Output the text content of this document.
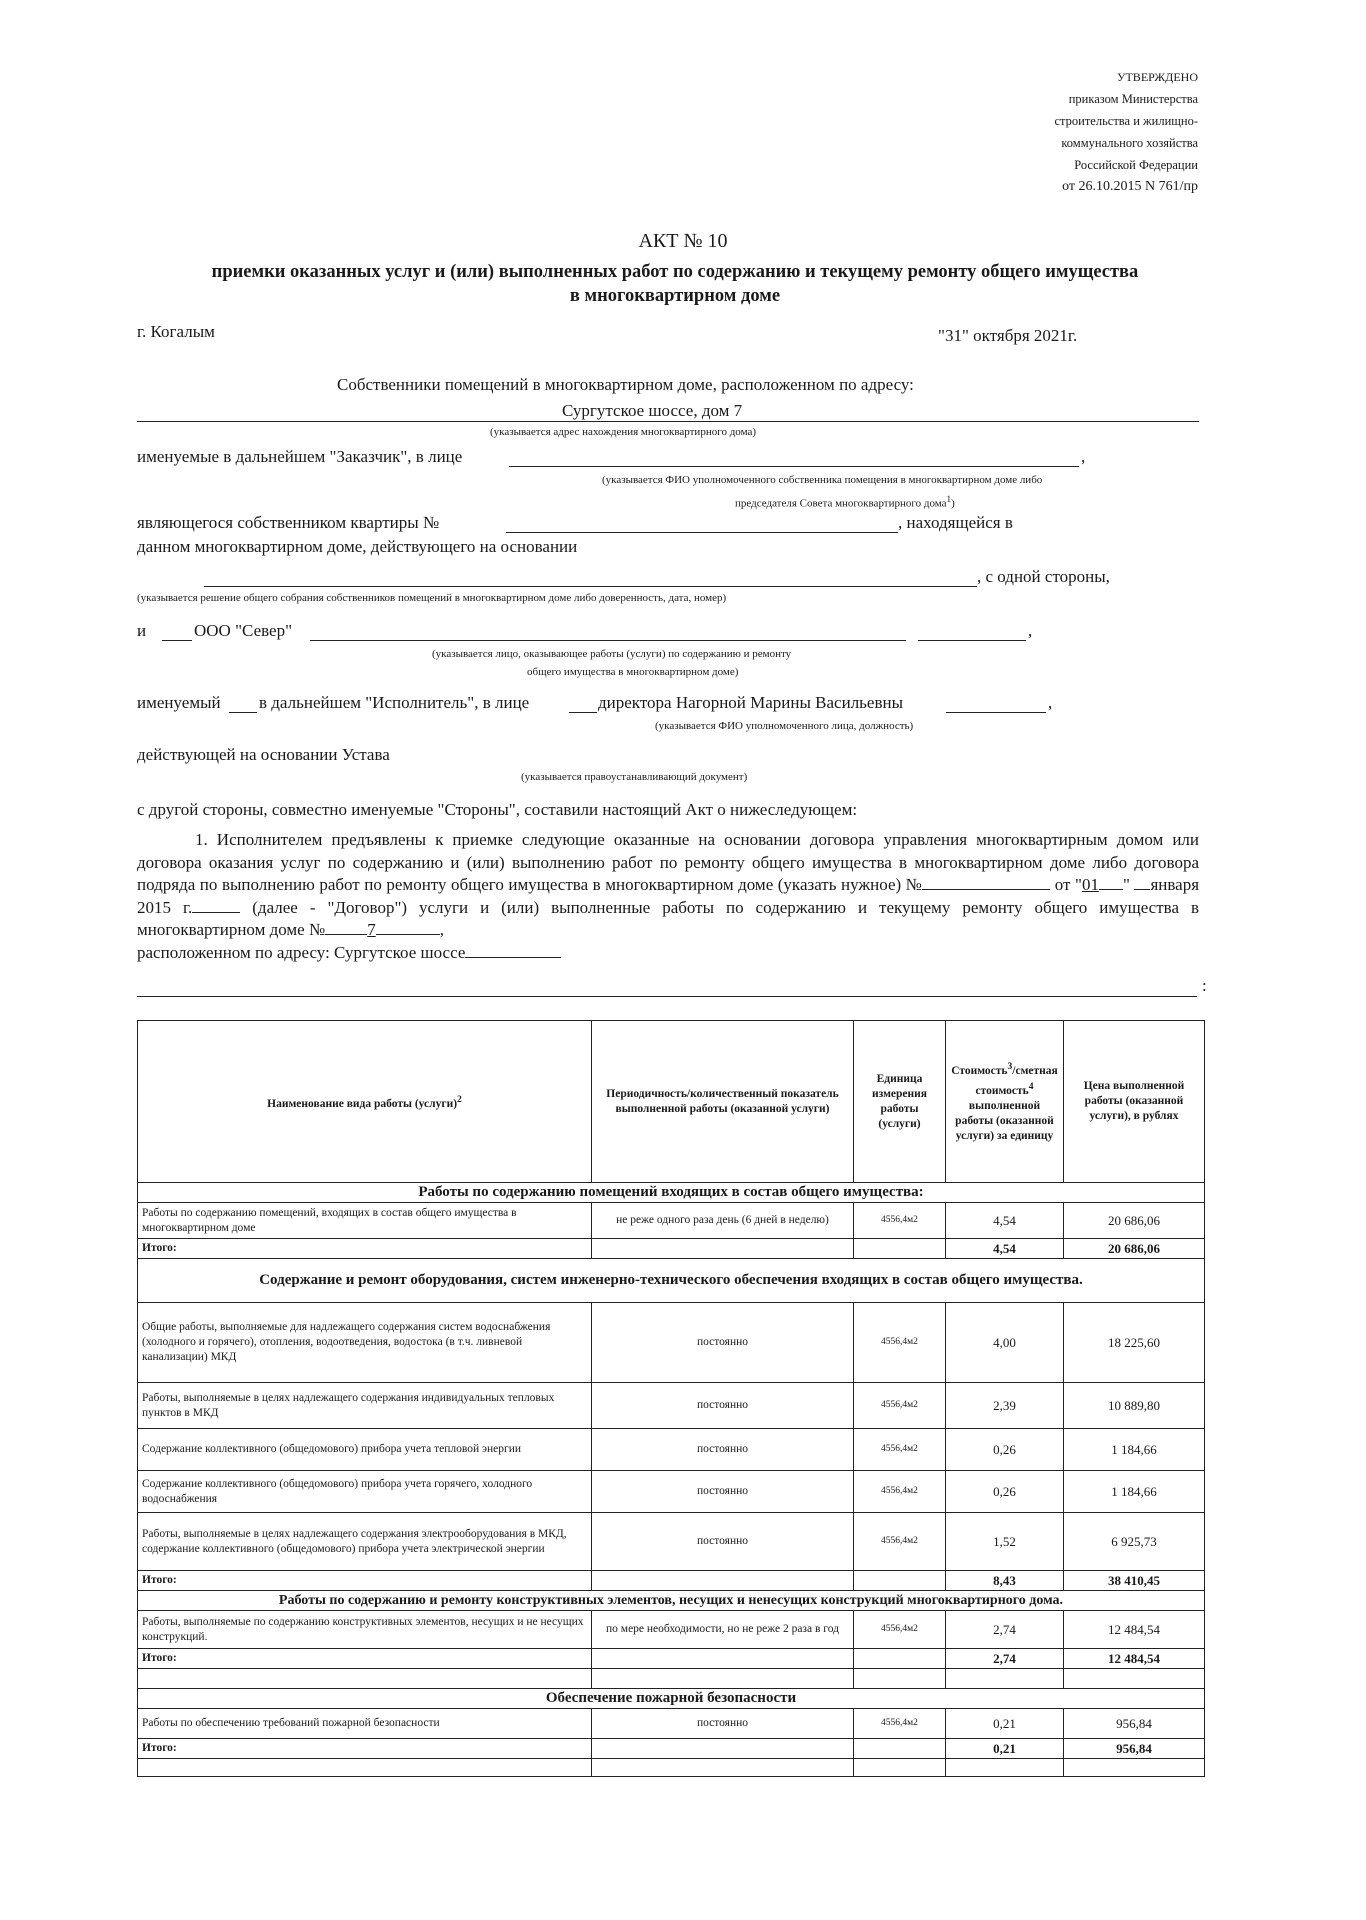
УТВЕРЖДЕНО
приказом Министерства
строительства и жилищно-
коммунального хозяйства
Российской Федерации
от 26.10.2015 N 761/пр
АКТ № 10
приемки оказанных услуг и (или) выполненных работ по содержанию и текущему ремонту общего имущества
в многоквартирном доме
г. Когалым	"31" октября 2021г.
Собственники помещений в многоквартирном доме, расположенном по адресу:
Сургутское шоссе, дом 7
(указывается адрес нахождения многоквартирного дома)
именуемые в дальнейшем "Заказчик", в лице	,
(указывается ФИО уполномоченного собственника помещения в многоквартирном доме либо
председателя Совета многоквартирного дома$^1$)
являющегося собственником квартиры №	, находящейся в
данном многоквартирном доме, действующего на основании
, с одной стороны,
(указывается решение общего собрания собственников помещений в многоквартирном доме либо доверенность, дата, номер)
и	ООО "Север"	,
(указывается лицо, оказывающее работы (услуги) по содержанию и ремонту
общего имущества в многоквартирном доме)
именуемый в дальнейшем "Исполнитель", в лице	директора Нагорной Марины Васильевны	,
(указывается ФИО уполномоченного лица, должность)
действующей на основании Устава
(указывается правоустанавливающий документ)
с другой стороны, совместно именуемые "Стороны", составили настоящий Акт о нижеследующем:
1. Исполнителем предъявлены к приемке следующие оказанные на основании договора управления многоквартирным домом или договора оказания услуг по содержанию и (или) выполнению работ по ремонту общего имущества в многоквартирном доме либо договора подряда по выполнению работ по ремонту общего имущества в многоквартирном доме (указать нужное) №	от "01 " января 2015 г.	(далее - "Договор") услуги и (или) выполненные работы по содержанию и текущему ремонту общего имущества в многоквартирном доме № 7	,
расположенном по адресу: Сургутское шоссе
:
Наименование вида работы (услуги)$^2$	Периодичность/количественный показатель выполненной работы (оказанной услуги)	Единица измерения работы (услуги)	Стоимость$^3$/сметная стоимость$^4$ выполненной работы (оказанной услуги) за единицу	Цена выполненной работы (оказанной услуги), в рублях
Работы по содержанию помещений входящих в состав общего имущества:				
Работы по содержанию помещений, входящих в состав общего имущества в многоквартирном доме	не реже одного раза день (6 дней в неделю)	4556,4м2	4,54	20 686,06
Итого:			4,54	20 686,06
Содержание и ремонт оборудования, систем инженерно-технического обеспечения входящих в состав общего имущества.				
Общие работы, выполняемые для надлежащего содержания систем водоснабжения (холодного и горячего), отопления, водоотведения, водостока (в т.ч. ливневой канализации) МКД	постоянно	4556,4м2	4,00	18 225,60
Работы, выполняемые в целях надлежащего содержания индивидуальных тепловых пунктов в МКД	постоянно	4556,4м2	2,39	10 889,80
Содержание коллективного (общедомового) прибора учета тепловой энергии	постоянно	4556,4м2	0,26	1 184,66
Содержание коллективного (общедомового) прибора учета горячего, холодного водоснабжения	постоянно	4556,4м2	0,26	1 184,66
Работы, выполняемые в целях надлежащего содержания электрооборудования в МКД, содержание коллективного (общедомового) прибора учета электрической энергии	постоянно	4556,4м2	1,52	6 925,73
Итого:			8,43	38 410,45
Работы по содержанию и ремонту конструктивных элементов, несущих и ненесущих конструкций многоквартирного дома.				
Работы, выполняемые по содержанию конструктивных элементов, несущих и не несущих конструкций.	по мере необходимости, но не реже 2 раза в год	4556,4м2	2,74	12 484,54
Итого:			2,74	12 484,54

Обеспечение пожарной безопасности				
Работы по обеспечению требований пожарной безопасности	постоянно	4556,4м2	0,21	956,84
Итого:			0,21	956,84
